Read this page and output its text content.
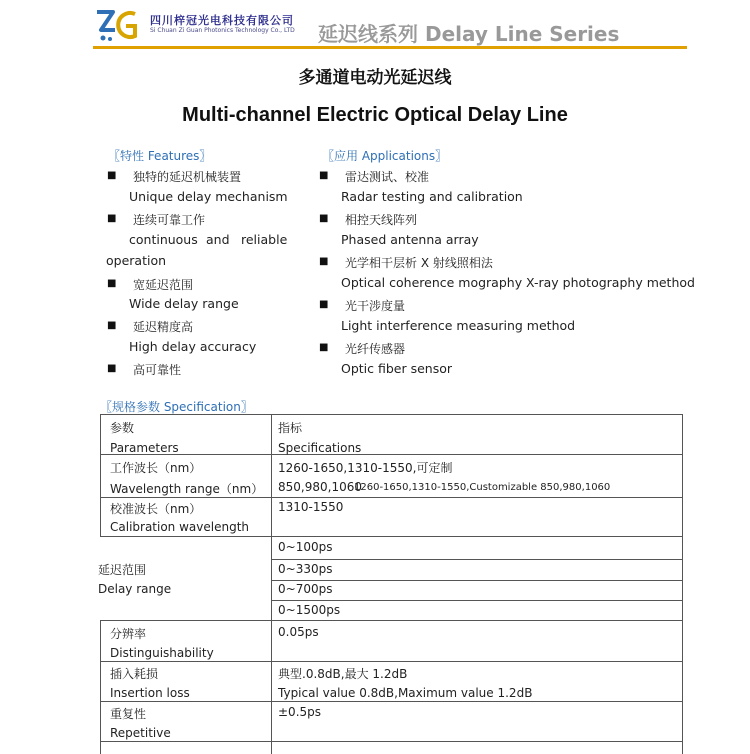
四川梓冠光电科技有限公司
Si Chuan Zi Guan Photonics Technology Co., LTD 延迟线系列 Delay Line Series
多通道电动光延迟线
Multi-channel Electric Optical Delay Line
〖特性 Features〗
■ 独特的延迟机械装置
Unique delay mechanism
■ 连续可靠工作
continuous and reliable
operation
■ 宽延迟范围
Wide delay range
■ 延迟精度高
High delay accuracy
■ 高可靠性
〖应用 Applications〗
■ 雷达测试、校准
Radar testing and calibration
■ 相控天线阵列
Phased antenna array
■ 光学相干层析 X 射线照相法
Optical coherence mography X-ray photography method
■ 光干涉度量
Light interference measuring method
■ 光纤传感器
Optic fiber sensor
〖规格参数 Specification〗
参数
Parameters
指标
Specifications
工作波长（nm）
Wavelength range（nm）
1260-1650,1310-1550,可定制
850,980,1060
1260-1650,1310-1550,Customizable 850,980,1060
校准波长（nm）
Calibration wavelength
1310-1550
延迟范围
Delay range
0~100ps
0~330ps
0~700ps
0~1500ps
分辨率
Distinguishability
0.05ps
插入耗损
Insertion loss
典型.0.8dB,最大 1.2dB
Typical value 0.8dB,Maximum value 1.2dB
重复性
Repetitive
±0.5ps
